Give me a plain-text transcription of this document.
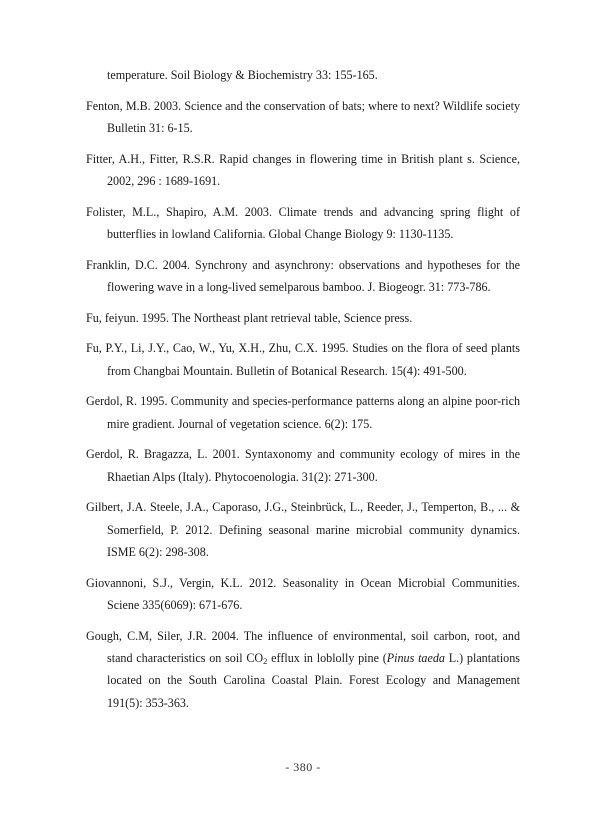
temperature. Soil Biology & Biochemistry 33: 155-165.

Fenton, M.B. 2003. Science and the conservation of bats; where to next? Wildlife society Bulletin 31: 6-15.

Fitter, A.H., Fitter, R.S.R. Rapid changes in flowering time in British plant s. Science, 2002, 296 : 1689-1691.

Folister, M.L., Shapiro, A.M. 2003. Climate trends and advancing spring flight of butterflies in lowland California. Global Change Biology 9: 1130-1135.

Franklin, D.C. 2004. Synchrony and asynchrony: observations and hypotheses for the flowering wave in a long-lived semelparous bamboo. J. Biogeogr. 31: 773-786.

Fu, feiyun. 1995. The Northeast plant retrieval table, Science press.

Fu, P.Y., Li, J.Y., Cao, W., Yu, X.H., Zhu, C.X. 1995. Studies on the flora of seed plants from Changbai Mountain. Bulletin of Botanical Research. 15(4): 491-500.

Gerdol, R. 1995. Community and species-performance patterns along an alpine poor-rich mire gradient. Journal of vegetation science. 6(2): 175.

Gerdol, R. Bragazza, L. 2001. Syntaxonomy and community ecology of mires in the Rhaetian Alps (Italy). Phytocoenologia. 31(2): 271-300.

Gilbert, J.A. Steele, J.A., Caporaso, J.G., Steinbrück, L., Reeder, J., Temperton, B., ... & Somerfield, P. 2012. Defining seasonal marine microbial community dynamics. ISME 6(2): 298-308.

Giovannoni, S.J., Vergin, K.L. 2012. Seasonality in Ocean Microbial Communities. Sciene 335(6069): 671-676.

Gough, C.M, Siler, J.R. 2004. The influence of environmental, soil carbon, root, and stand characteristics on soil $CO_2$ efflux in loblolly pine (Pinus taeda L.) plantations located on the South Carolina Coastal Plain. Forest Ecology and Management 191(5): 353-363.

- 380 -
